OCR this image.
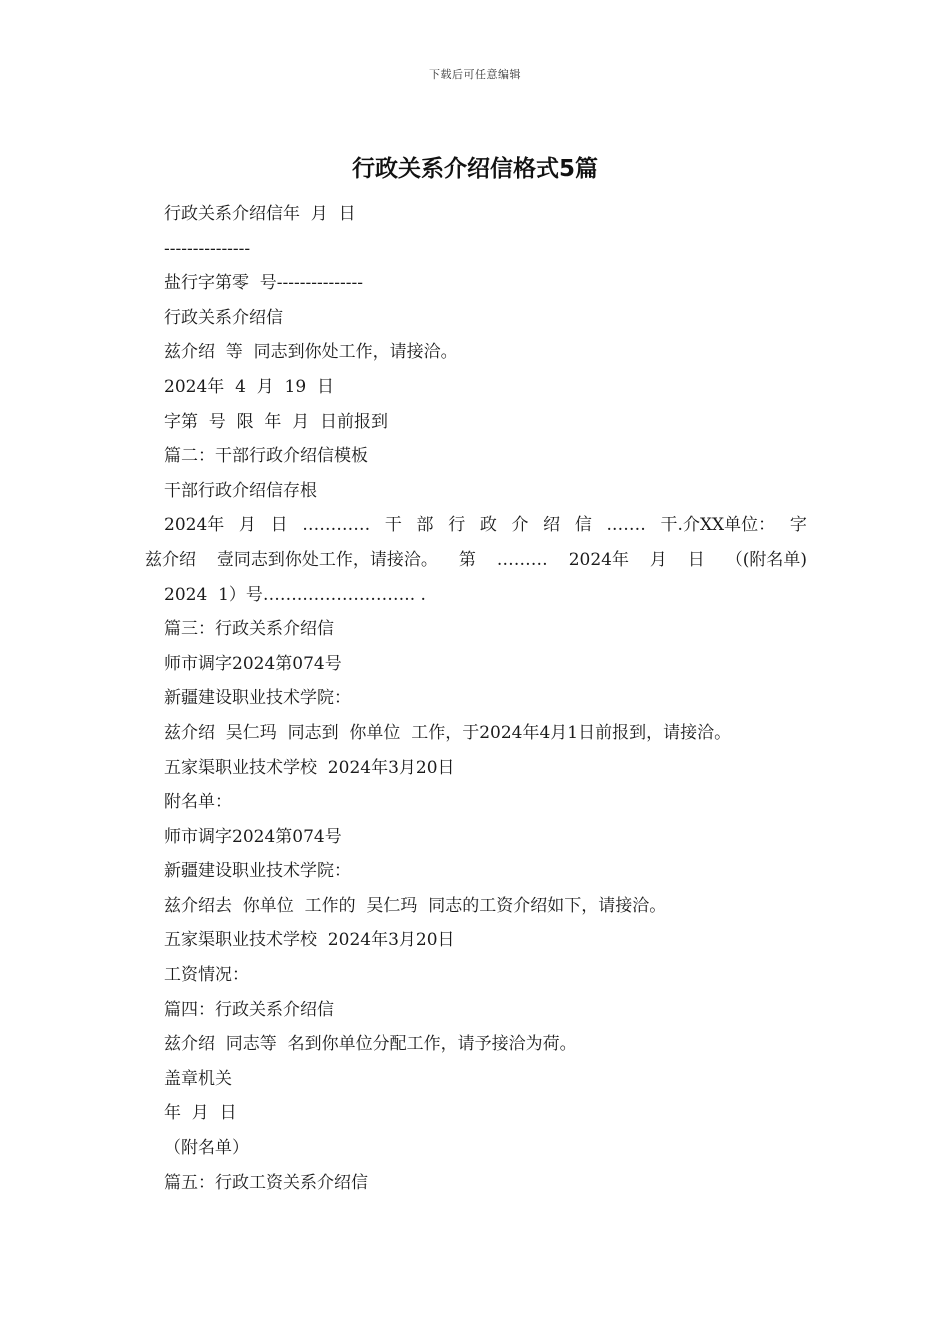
下载后可任意编辑
行政关系介绍信格式5篇
行政关系介绍信年  月  日
---------------
盐行字第零  号---------------
行政关系介绍信
兹介绍  等  同志到你处工作，请接洽。
2024年  4  月  19  日
字第  号  限  年  月  日前报到
篇二：干部行政介绍信模板
干部行政介绍信存根
2024年 月 日 ………… 干 部 行 政 介 绍 信 .…… 干.介XX单位： 字
兹介绍 壹同志到你处工作，请接洽。 第 ……… 2024年 月 日 （(附名单)
2024  1）号…….……………….. .
篇三：行政关系介绍信
师市调字2024第074号
新疆建设职业技术学院：
兹介绍  吴仁玛  同志到  你单位  工作，于2024年4月1日前报到，请接洽。
五家渠职业技术学校  2024年3月20日
附名单：
师市调字2024第074号
新疆建设职业技术学院：
兹介绍去  你单位  工作的  吴仁玛  同志的工资介绍如下，请接洽。
五家渠职业技术学校  2024年3月20日
工资情况：
篇四：行政关系介绍信
兹介绍  同志等  名到你单位分配工作，请予接洽为荷。
盖章机关
年  月  日
（附名单）
篇五：行政工资关系介绍信
